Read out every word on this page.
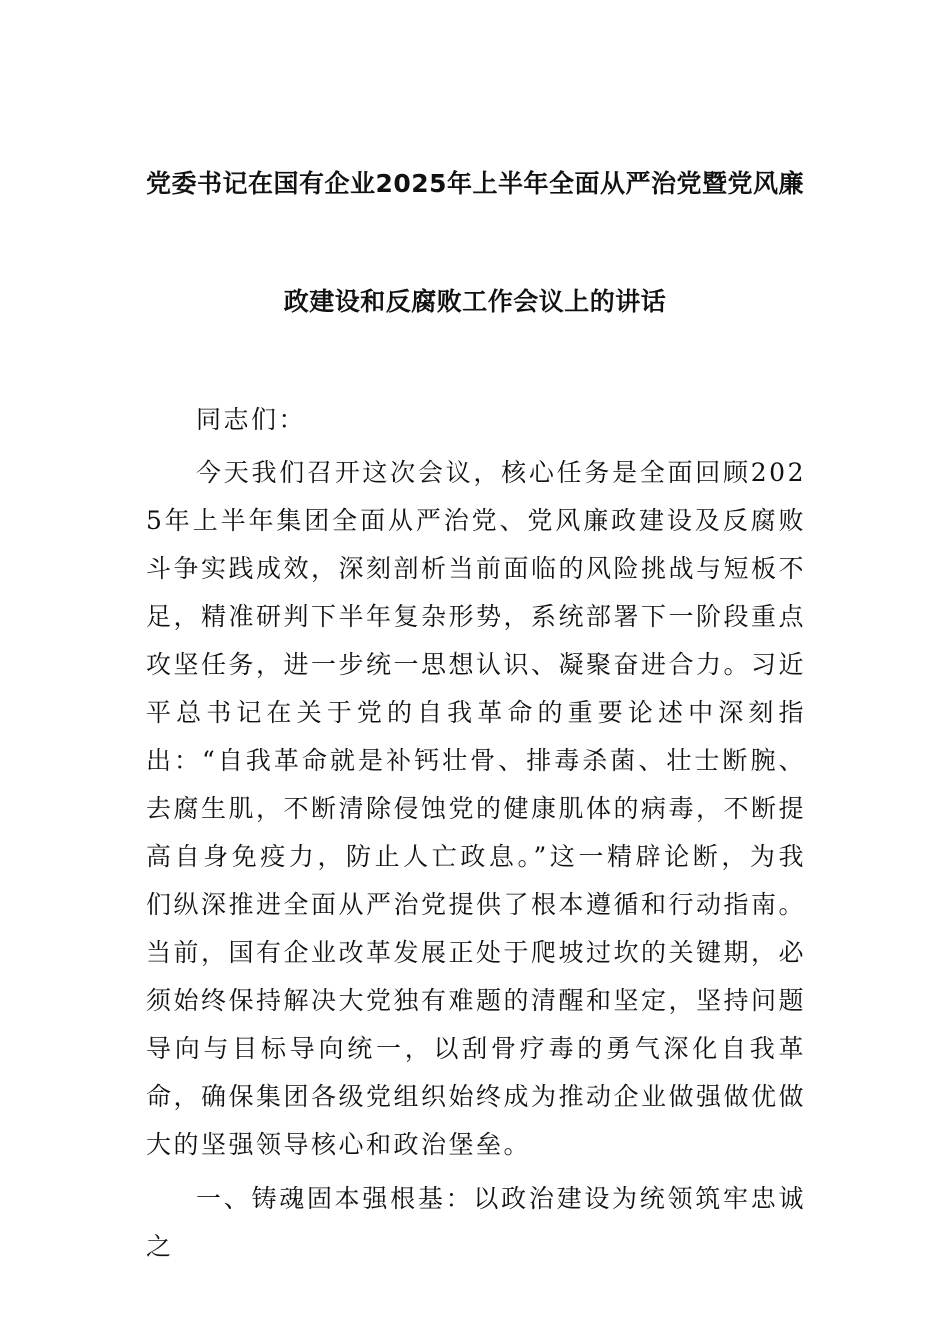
党委书记在国有企业2025年上半年全面从严治党暨党风廉
政建设和反腐败工作会议上的讲话

同志们：

今天我们召开这次会议，核心任务是全面回顾2025年上半年集团全面从严治党、党风廉政建设及反腐败斗争实践成效，深刻剖析当前面临的风险挑战与短板不足，精准研判下半年复杂形势，系统部署下一阶段重点攻坚任务，进一步统一思想认识、凝聚奋进合力。习近平总书记在关于党的自我革命的重要论述中深刻指出：“自我革命就是补钙壮骨、排毒杀菌、壮士断腕、去腐生肌，不断清除侵蚀党的健康肌体的病毒，不断提高自身免疫力，防止人亡政息。”这一精辟论断，为我们纵深推进全面从严治党提供了根本遵循和行动指南。当前，国有企业改革发展正处于爬坡过坎的关键期，必须始终保持解决大党独有难题的清醒和坚定，坚持问题导向与目标导向统一，以刮骨疗毒的勇气深化自我革命，确保集团各级党组织始终成为推动企业做强做优做大的坚强领导核心和政治堡垒。

一、铸魂固本强根基：以政治建设为统领筑牢忠诚之
